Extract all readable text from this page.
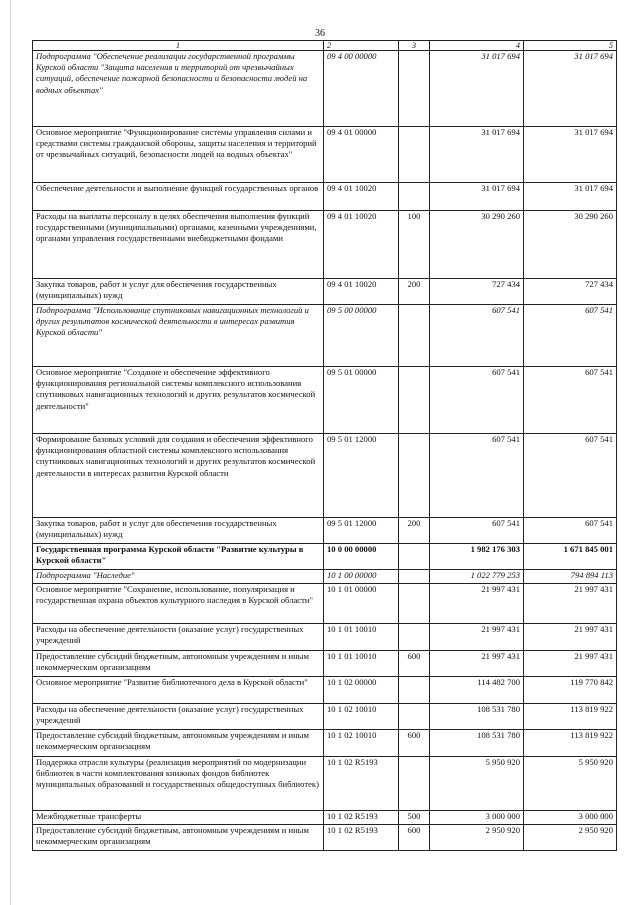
36
1	2	3	4	5
Подпрограмма "Обеспечение реализации государственной программы Курской области "Защита населения и территорий от чрезвычайных ситуаций, обеспечение пожарной безопасности и безопасности людей на водных объектах"	09 4 00 00000		31 017 694	31 017 694
Основное мероприятие "Функционирование системы управления силами и средствами системы гражданской обороны, защиты населения и территорий от чрезвычайных ситуаций, безопасности людей на водных объектах"	09 4 01 00000		31 017 694	31 017 694
Обеспечение деятельности и выполнение функций государственных органов	09 4 01 10020		31 017 694	31 017 694
Расходы на выплаты персоналу в целях обеспечения выполнения функций государственными (муниципальными) органами, казенными учреждениями, органами управления государственными внебюджетными фондами	09 4 01 10020	100	30 290 260	30 290 260
Закупка товаров, работ и услуг для обеспечения государственных (муниципальных) нужд	09 4 01 10020	200	727 434	727 434
Подпрограмма "Использование спутниковых навигационных технологий и других результатов космической деятельности в интересах развития Курской области"	09 5 00 00000		607 541	607 541
Основное мероприятие "Создание и обеспечение эффективного функционирования региональной системы комплексного использования спутниковых навигационных технологий и других результатов космической деятельности"	09 5 01 00000		607 541	607 541
Формирование базовых условий для создания и обеспечения эффективного функционирования областной системы комплексного использования спутниковых навигационных технологий и других результатов космической деятельности в интересах развития Курской области	09 5 01 12000		607 541	607 541
Закупка товаров, работ и услуг для обеспечения государственных (муниципальных) нужд	09 5 01 12000	200	607 541	607 541
Государственная программа Курской области "Развитие культуры в Курской области"	10 0 00 00000		1 982 176 303	1 671 845 001
Подпрограмма "Наследие"	10 1 00 00000		1 022 779 253	794 894 113
Основное мероприятие "Сохранение, использование, популяризация и государственная охрана объектов культурного наследия в Курской области"	10 1 01 00000		21 997 431	21 997 431
Расходы на обеспечение деятельности (оказание услуг) государственных учреждений	10 1 01 10010		21 997 431	21 997 431
Предоставление субсидий бюджетным, автономным учреждениям и иным некоммерческим организациям	10 1 01 10010	600	21 997 431	21 997 431
Основное мероприятие "Развитие библиотечного дела в Курской области"	10 1 02 00000		114 482 700	119 770 842
Расходы на обеспечение деятельности (оказание услуг) государственных учреждений	10 1 02 10010		108 531 780	113 819 922
Предоставление субсидий бюджетным, автономным учреждениям и иным некоммерческим организациям	10 1 02 10010	600	108 531 780	113 819 922
Поддержка отрасли культуры (реализация мероприятий по модернизации библиотек в части комплектования книжных фондов библиотек муниципальных образований и государственных общедоступных библиотек)	10 1 02 R5193		5 950 920	5 950 920
Межбюджетные трансферты	10 1 02 R5193	500	3 000 000	3 000 000
Предоставление субсидий бюджетным, автономным учреждениям и иным некоммерческим организациям	10 1 02 R5193	600	2 950 920	2 950 920
